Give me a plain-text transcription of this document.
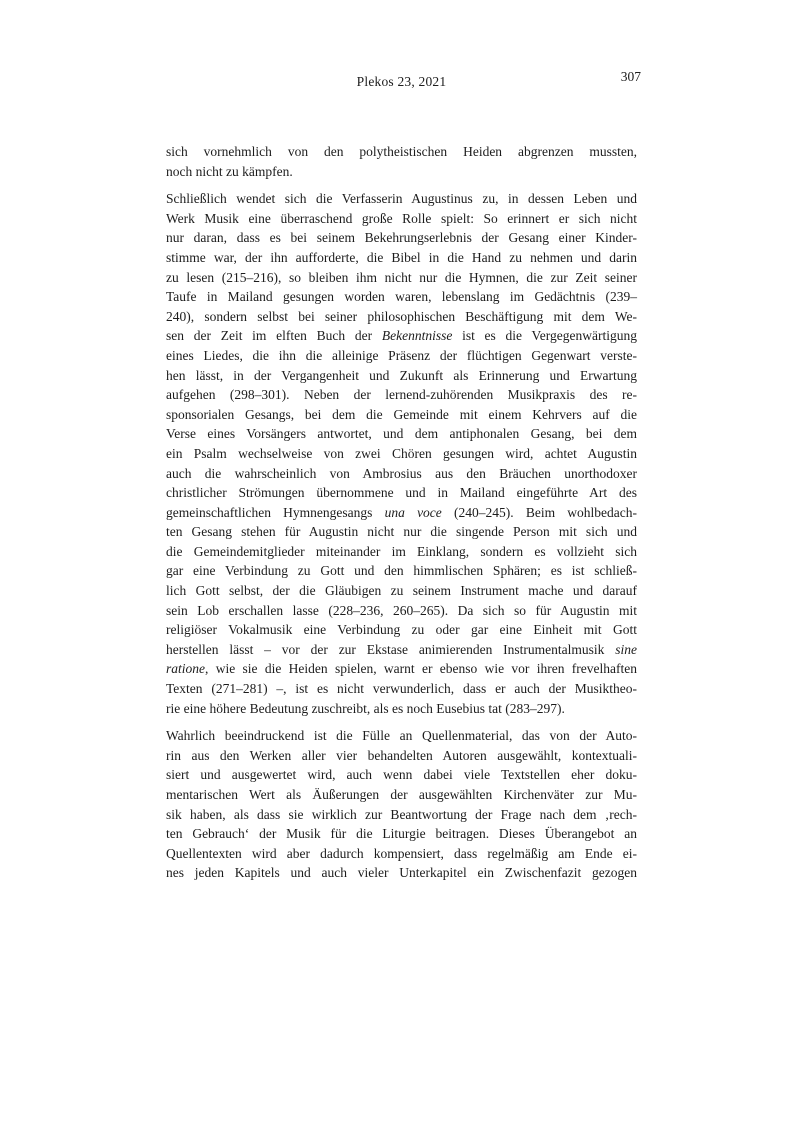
Plekos 23, 2021	307
sich vornehmlich von den polytheistischen Heiden abgrenzen mussten,
noch nicht zu kämpfen.
Schließlich wendet sich die Verfasserin Augustinus zu, in dessen Leben und
Werk Musik eine überraschend große Rolle spielt: So erinnert er sich nicht
nur daran, dass es bei seinem Bekehrungserlebnis der Gesang einer Kinder-
stimme war, der ihn aufforderte, die Bibel in die Hand zu nehmen und darin
zu lesen (215–216), so bleiben ihm nicht nur die Hymnen, die zur Zeit seiner
Taufe in Mailand gesungen worden waren, lebenslang im Gedächtnis (239–
240), sondern selbst bei seiner philosophischen Beschäftigung mit dem We-
sen der Zeit im elften Buch der Bekenntnisse ist es die Vergegenwärtigung
eines Liedes, die ihn die alleinige Präsenz der flüchtigen Gegenwart verste-
hen lässt, in der Vergangenheit und Zukunft als Erinnerung und Erwartung
aufgehen (298–301). Neben der lernend-zuhörenden Musikpraxis des re-
sponsorialen Gesangs, bei dem die Gemeinde mit einem Kehrvers auf die
Verse eines Vorsängers antwortet, und dem antiphonalen Gesang, bei dem
ein Psalm wechselweise von zwei Chören gesungen wird, achtet Augustin
auch die wahrscheinlich von Ambrosius aus den Bräuchen unorthodoxer
christlicher Strömungen übernommene und in Mailand eingeführte Art des
gemeinschaftlichen Hymnengesangs una voce (240–245). Beim wohlbedach-
ten Gesang stehen für Augustin nicht nur die singende Person mit sich und
die Gemeindemitglieder miteinander im Einklang, sondern es vollzieht sich
gar eine Verbindung zu Gott und den himmlischen Sphären; es ist schließ-
lich Gott selbst, der die Gläubigen zu seinem Instrument mache und darauf
sein Lob erschallen lasse (228–236, 260–265). Da sich so für Augustin mit
religiöser Vokalmusik eine Verbindung zu oder gar eine Einheit mit Gott
herstellen lässt – vor der zur Ekstase animierenden Instrumentalmusik sine
ratione, wie sie die Heiden spielen, warnt er ebenso wie vor ihren frevelhaften
Texten (271–281) –, ist es nicht verwunderlich, dass er auch der Musiktheo-
rie eine höhere Bedeutung zuschreibt, als es noch Eusebius tat (283–297).
Wahrlich beeindruckend ist die Fülle an Quellenmaterial, das von der Auto-
rin aus den Werken aller vier behandelten Autoren ausgewählt, kontextuali-
siert und ausgewertet wird, auch wenn dabei viele Textstellen eher doku-
mentarischen Wert als Äußerungen der ausgewählten Kirchenväter zur Mu-
sik haben, als dass sie wirklich zur Beantwortung der Frage nach dem ‚rech-
ten Gebrauch‘ der Musik für die Liturgie beitragen. Dieses Überangebot an
Quellentexten wird aber dadurch kompensiert, dass regelmäßig am Ende ei-
nes jeden Kapitels und auch vieler Unterkapitel ein Zwischenfazit gezogen
